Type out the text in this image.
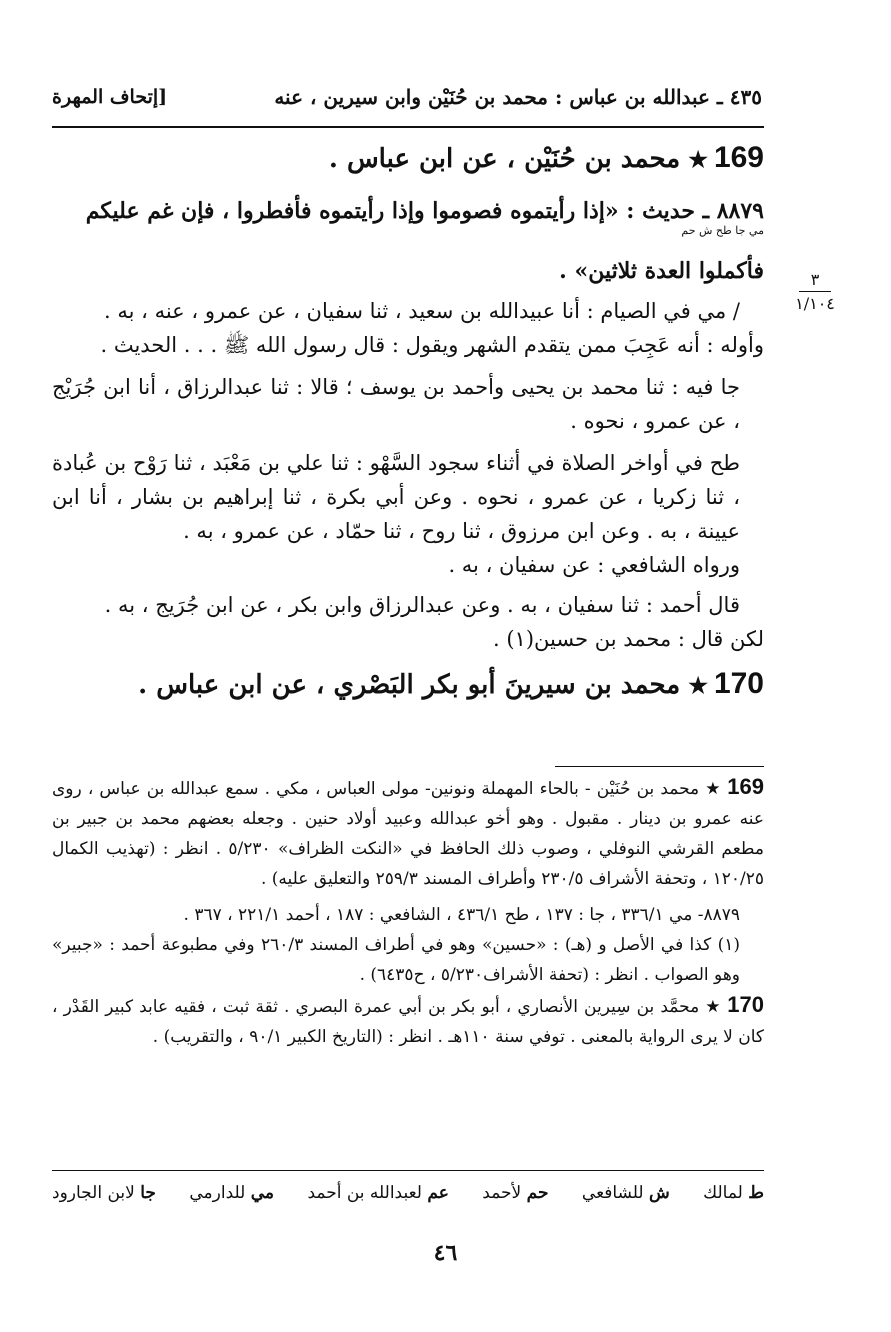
٤٣٥ ـ عبدالله بن عباس : محمد بن حُنَيْن وابن سيرين ، عنه
[إتحاف المهرة
٣
١/١٠٤

169★محمد بن حُنَيْن ، عن ابن عباس .

٨٨٧٩ ـ حديث : «إذا رأيتموه فصوموا وإذا رأيتموه فأفطروا ، فإن غم عليكم

$^{مي جا طح ش حم}$
فأكملوا العدة ثلاثين» .

/ مي في الصيام : أنا عبيدالله بن سعيد ، ثنا سفيان ، عن عمرو ، عنه ، به .

وأوله : أنه عَجِبَ ممن يتقدم الشهر ويقول : قال رسول الله ﷺ . . . الحديث .

جا فيه : ثنا محمد بن يحيى وأحمد بن يوسف ؛ قالا : ثنا عبدالرزاق ، أنا ابن جُرَيْج ، عن عمرو ، نحوه .

طح في أواخر الصلاة في أثناء سجود السَّهْو : ثنا علي بن مَعْبَد ، ثنا رَوْح بن عُبادة ، ثنا زكريا ، عن عمرو ، نحوه . وعن أبي بكرة ، ثنا إبراهيم بن بشار ، أنا ابن عيينة ، به . وعن ابن مرزوق ، ثنا روح ، ثنا حمّاد ، عن عمرو ، به .

ورواه الشافعي : عن سفيان ، به .

قال أحمد : ثنا سفيان ، به . وعن عبدالرزاق وابن بكر ، عن ابن جُرَيج ، به .

لكن قال : محمد بن حسين(١) .

170★محمد بن سيرينَ أبو بكر البَصْري ، عن ابن عباس .

169 ★ محمد بن حُنَيْن - بالحاء المهملة ونونين- مولى العباس ، مكي . سمع عبدالله بن عباس ، روى عنه عمرو بن دينار . مقبول . وهو أخو عبدالله وعبيد أولاد حنين . وجعله بعضهم محمد بن جبير بن مطعم القرشي النوفلي ، وصوب ذلك الحافظ في «النكت الظراف» ٥/٢٣٠ . انظر : (تهذيب الكمال ١٢٠/٢٥ ، وتحفة الأشراف ٢٣٠/٥ وأطراف المسند ٢٥٩/٣ والتعليق عليه) .

٨٨٧٩- مي ٣٣٦/١ ، جا : ١٣٧ ، طح ٤٣٦/١ ، الشافعي : ١٨٧ ، أحمد ٢٢١/١ ، ٣٦٧ .

(١) كذا في الأصل و (هـ) : «حسين» وهو في أطراف المسند ٢٦٠/٣ وفي مطبوعة أحمد : «جبير» وهو الصواب . انظر : (تحفة الأشراف٥/٢٣٠ ، ح٦٤٣٥) .

170 ★ محمَّد بن سِيرين الأنصاري ، أبو بكر بن أبي عمرة البصري . ثقة ثبت ، فقيه عابد كبير القَدْر ، كان لا يرى الرواية بالمعنى . توفي سنة ١١٠هـ . انظر : (التاريخ الكبير ٩٠/١ ، والتقريب) .

ط لمالك
ش للشافعي
حم لأحمد
عم لعبدالله بن أحمد
مي للدارمي
جا لابن الجارود
٤٦
